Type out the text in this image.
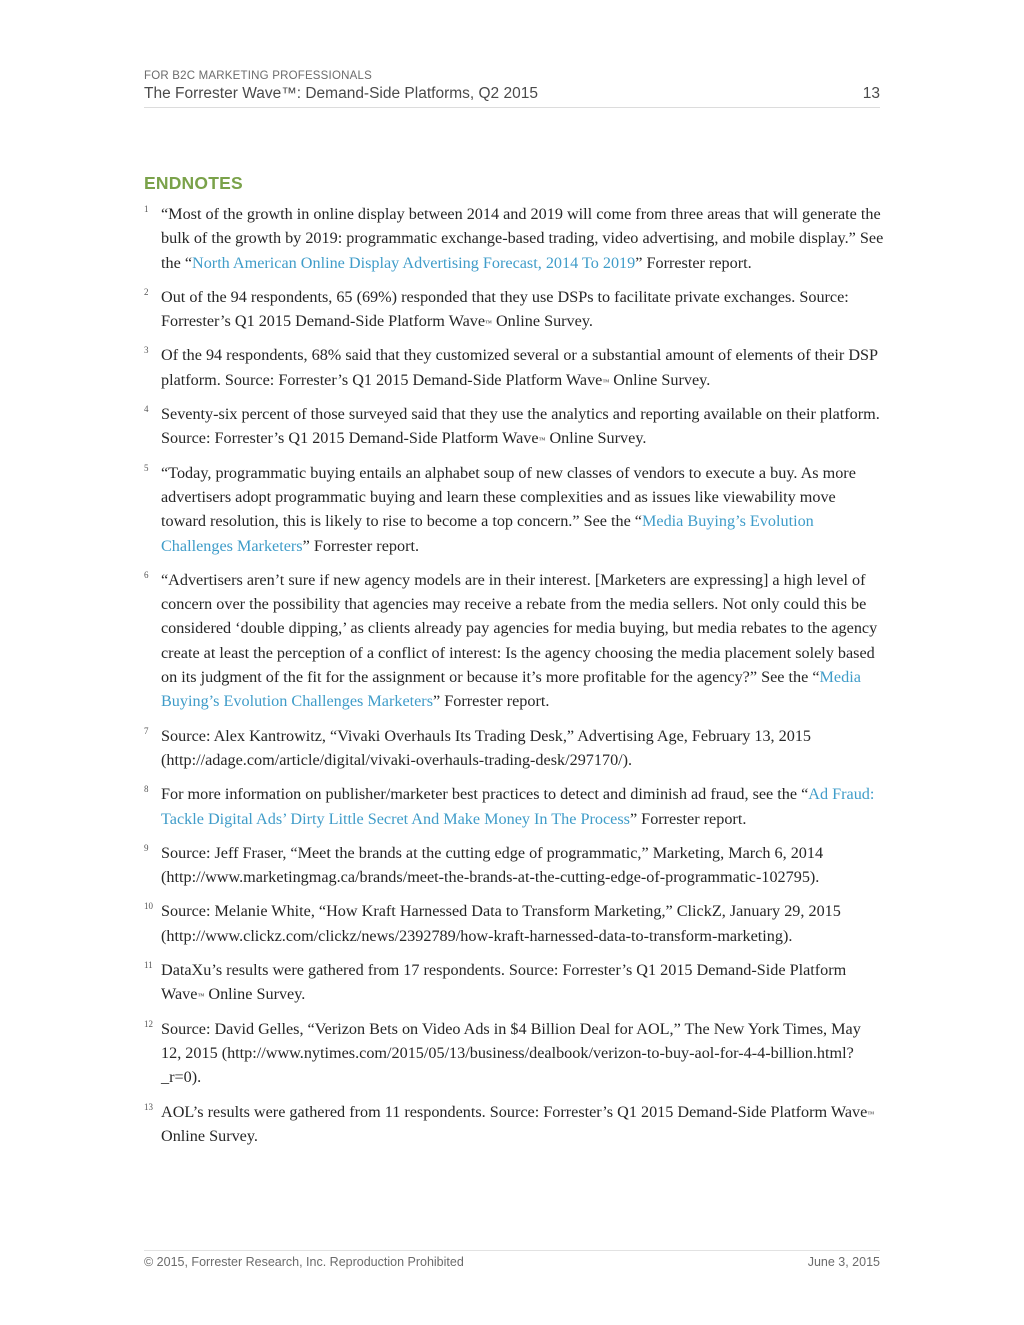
FOR B2C MARKETING PROFESSIONALS
The Forrester Wave™: Demand-Side Platforms, Q2 2015	13
ENDNOTES
1 “Most of the growth in online display between 2014 and 2019 will come from three areas that will generate the bulk of the growth by 2019: programmatic exchange-based trading, video advertising, and mobile display.” See the “North American Online Display Advertising Forecast, 2014 To 2019” Forrester report.
2 Out of the 94 respondents, 65 (69%) responded that they use DSPs to facilitate private exchanges. Source: Forrester’s Q1 2015 Demand-Side Platform Wave™ Online Survey.
3 Of the 94 respondents, 68% said that they customized several or a substantial amount of elements of their DSP platform. Source: Forrester’s Q1 2015 Demand-Side Platform Wave™ Online Survey.
4 Seventy-six percent of those surveyed said that they use the analytics and reporting available on their platform. Source: Forrester’s Q1 2015 Demand-Side Platform Wave™ Online Survey.
5 “Today, programmatic buying entails an alphabet soup of new classes of vendors to execute a buy. As more advertisers adopt programmatic buying and learn these complexities and as issues like viewability move toward resolution, this is likely to rise to become a top concern.” See the “Media Buying’s Evolution Challenges Marketers” Forrester report.
6 “Advertisers aren’t sure if new agency models are in their interest. [Marketers are expressing] a high level of concern over the possibility that agencies may receive a rebate from the media sellers. Not only could this be considered ‘double dipping,’ as clients already pay agencies for media buying, but media rebates to the agency create at least the perception of a conflict of interest: Is the agency choosing the media placement solely based on its judgment of the fit for the assignment or because it’s more profitable for the agency?” See the “Media Buying’s Evolution Challenges Marketers” Forrester report.
7 Source: Alex Kantrowitz, “Vivaki Overhauls Its Trading Desk,” Advertising Age, February 13, 2015 (http://adage.com/article/digital/vivaki-overhauls-trading-desk/297170/).
8 For more information on publisher/marketer best practices to detect and diminish ad fraud, see the “Ad Fraud: Tackle Digital Ads’ Dirty Little Secret And Make Money In The Process” Forrester report.
9 Source: Jeff Fraser, “Meet the brands at the cutting edge of programmatic,” Marketing, March 6, 2014 (http://www.marketingmag.ca/brands/meet-the-brands-at-the-cutting-edge-of-programmatic-102795).
10 Source: Melanie White, “How Kraft Harnessed Data to Transform Marketing,” ClickZ, January 29, 2015 (http://www.clickz.com/clickz/news/2392789/how-kraft-harnessed-data-to-transform-marketing).
11 DataXu’s results were gathered from 17 respondents. Source: Forrester’s Q1 2015 Demand-Side Platform Wave™ Online Survey.
12 Source: David Gelles, “Verizon Bets on Video Ads in $4 Billion Deal for AOL,” The New York Times, May 12, 2015 (http://www.nytimes.com/2015/05/13/business/dealbook/verizon-to-buy-aol-for-4-4-billion.html?_r=0).
13 AOL’s results were gathered from 11 respondents. Source: Forrester’s Q1 2015 Demand-Side Platform Wave™ Online Survey.
© 2015, Forrester Research, Inc. Reproduction Prohibited	June 3, 2015
